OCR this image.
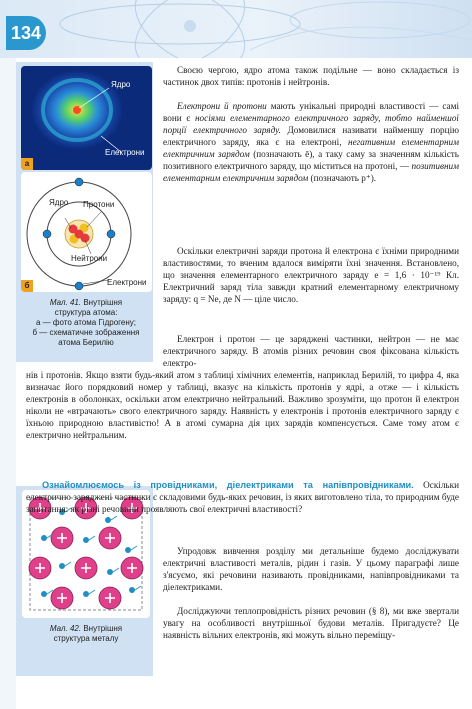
134
Ядро
Електрони
а
Ядро Протони
Нейтрони
Електрони
б
Мал. 41. Внутрішня
структура атома:
а — фото атома Гідрогену;
б — схематичне зображення
атома Берилію
Мал. 42. Внутрішня
структура металу

Своєю чергою, ядро атома також подільне — воно складається із частинок двох типів: протонів і нейтронів.

Електрони й протони мають унікальні природні властивості — самі вони є носіями елементарного електричного заряду, тобто найменшої порції електричного заряду. Домовилися називати найменшу порцію електричного заряду, яка є на електроні, негативним елементарним електричним зарядом (позначають ē), а таку саму за значенням кількість позитивного електричного заряду, що міститься на протоні, — позитивним елементарним електричним зарядом (позначають p⁺).

Оскільки електричні заряди протона й електрона є їхніми природними властивостями, то вченим вдалося виміряти їхні значення. Встановлено, що значення елементарного електричного заряду e = 1,6 · 10⁻¹⁹ Кл. Електричний заряд тіла завжди кратний елементарному електричному заряду: q = Ne, де N — ціле число.

Електрон і протон — це заряджені частинки, нейтрон — не має електричного заряду. В атомів різних речовин своя фіксована кількість електро-

нів і протонів. Якщо взяти будь-який атом з таблиці хімічних елементів, наприклад Берилій, то цифра 4, яка визначає його порядковий номер у таблиці, вказує на кількість протонів у ядрі, а отже — і кількість електронів в оболонках, оскільки атом електрично нейтральний. Важливо зрозуміти, що протон й електрон ніколи не «втрачають» свого електричного заряду. Наявність у електронів і протонів електричного заряду є їхньою природною властивістю! А в атомі сумарна дія цих зарядів компенсується. Саме тому атом є електрично нейтральним.

Ознайомлюємось із провідниками, діелектриками та напівпровідниками. Оскільки електрично заряджені частинки є складовими будь-яких речовин, із яких виготовлено тіла, то природним буде запитання: як різні речовини проявляють свої електричні властивості?

Упродовж вивчення розділу ми детальніше будемо досліджувати електричні властивості металів, рідин і газів. У цьому параграфі лише з'ясуємо, які речовини називають провідниками, напівпровідниками та діелектриками.

Досліджуючи теплопровідність різних речовин (§ 8), ми вже звертали увагу на особливості внутрішньої будови металів. Пригадуєте? Це наявність вільних електронів, які можуть вільно переміщу-
